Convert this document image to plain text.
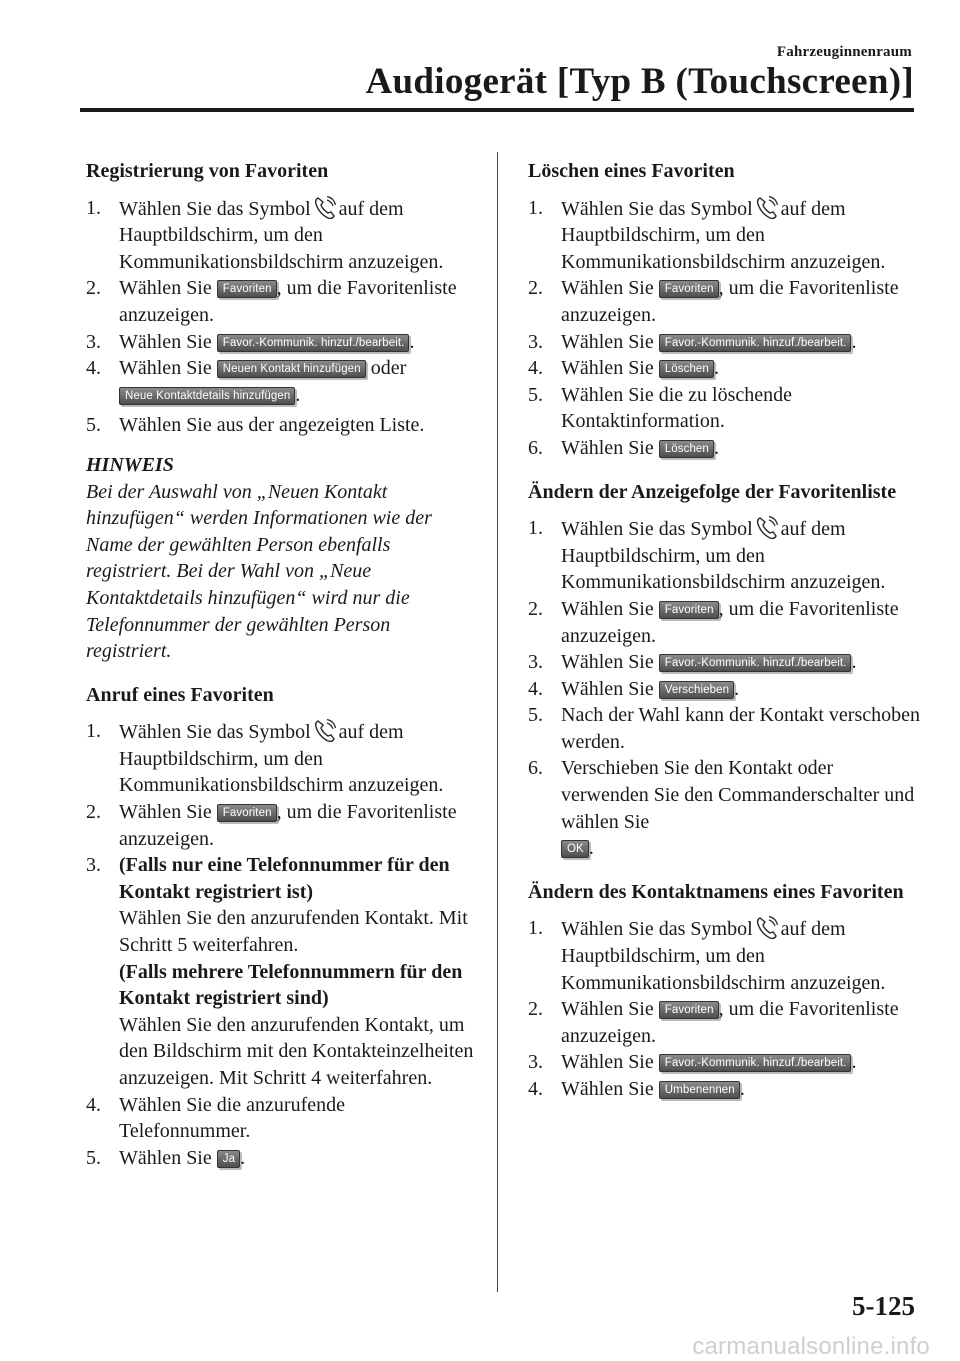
Fahrzeuginnenraum
Audiogerät [Typ B (Touchscreen)]
Registrierung von Favoriten
1. Wählen Sie das Symbol auf dem Hauptbildschirm, um den Kommunikationsbildschirm anzuzeigen.
2. Wählen Sie Favoriten , um die Favoritenliste anzuzeigen.
3. Wählen Sie Favor.-Kommunik. hinzuf./bearbeit. .
4. Wählen Sie Neuen Kontakt hinzufügen oder
Neue Kontaktdetails hinzufügen .
5. Wählen Sie aus der angezeigten Liste.
HINWEIS
Bei der Auswahl von „Neuen Kontakt hinzufügen“ werden Informationen wie der Name der gewählten Person ebenfalls registriert. Bei der Wahl von „Neue Kontaktdetails hinzufügen“ wird nur die Telefonnummer der gewählten Person registriert.
Anruf eines Favoriten
1. Wählen Sie das Symbol auf dem Hauptbildschirm, um den Kommunikationsbildschirm anzuzeigen.
2. Wählen Sie Favoriten , um die Favoritenliste anzuzeigen.
3. (Falls nur eine Telefonnummer für den Kontakt registriert ist)
Wählen Sie den anzurufenden Kontakt. Mit Schritt 5 weiterfahren.
(Falls mehrere Telefonnummern für den Kontakt registriert sind)
Wählen Sie den anzurufenden Kontakt, um den Bildschirm mit den Kontakteinzelheiten anzuzeigen. Mit Schritt 4 weiterfahren.
4. Wählen Sie die anzurufende Telefonnummer.
5. Wählen Sie Ja .
Löschen eines Favoriten
1. Wählen Sie das Symbol auf dem Hauptbildschirm, um den Kommunikationsbildschirm anzuzeigen.
2. Wählen Sie Favoriten , um die Favoritenliste anzuzeigen.
3. Wählen Sie Favor.-Kommunik. hinzuf./bearbeit. .
4. Wählen Sie Löschen .
5. Wählen Sie die zu löschende Kontaktinformation.
6. Wählen Sie Löschen .
Ändern der Anzeigefolge der Favoritenliste
1. Wählen Sie das Symbol auf dem Hauptbildschirm, um den Kommunikationsbildschirm anzuzeigen.
2. Wählen Sie Favoriten , um die Favoritenliste anzuzeigen.
3. Wählen Sie Favor.-Kommunik. hinzuf./bearbeit. .
4. Wählen Sie Verschieben .
5. Nach der Wahl kann der Kontakt verschoben werden.
6. Verschieben Sie den Kontakt oder verwenden Sie den Commanderschalter und wählen Sie
OK .
Ändern des Kontaktnamens eines Favoriten
1. Wählen Sie das Symbol auf dem Hauptbildschirm, um den Kommunikationsbildschirm anzuzeigen.
2. Wählen Sie Favoriten , um die Favoritenliste anzuzeigen.
3. Wählen Sie Favor.-Kommunik. hinzuf./bearbeit. .
4. Wählen Sie Umbenennen .
5-125
carmanualsonline.info
